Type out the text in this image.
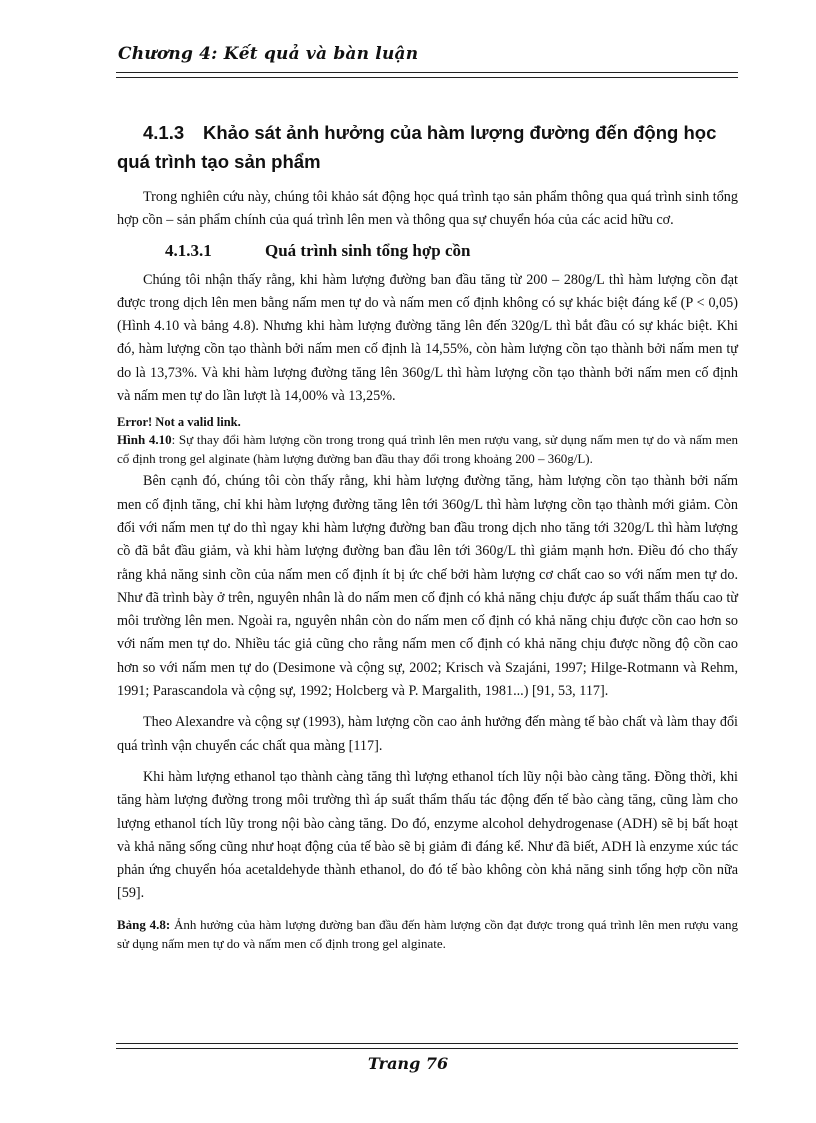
Chương 4: Kết quả và bàn luận
4.1.3 Khảo sát ảnh hưởng của hàm lượng đường đến động học quá trình tạo sản phẩm

Trong nghiên cứu này, chúng tôi khảo sát động học quá trình tạo sản phẩm thông qua quá trình sinh tổng hợp cồn – sản phẩm chính của quá trình lên men và thông qua sự chuyển hóa của các acid hữu cơ.

4.1.3.1	Quá trình sinh tổng hợp cồn

Chúng tôi nhận thấy rằng, khi hàm lượng đường ban đầu tăng từ 200 – 280g/L thì hàm lượng cồn đạt được trong dịch lên men bằng nấm men tự do và nấm men cố định không có sự khác biệt đáng kể (P < 0,05) (Hình 4.10 và bảng 4.8). Nhưng khi hàm lượng đường tăng lên đến 320g/L thì bắt đầu có sự khác biệt. Khi đó, hàm lượng cồn tạo thành bởi nấm men cố định là 14,55%, còn hàm lượng cồn tạo thành bởi nấm men tự do là 13,73%. Và khi hàm lượng đường tăng lên 360g/L thì hàm lượng cồn tạo thành bởi nấm men cố định và nấm men tự do lần lượt là 14,00% và 13,25%.

Error! Not a valid link.

Hình 4.10: Sự thay đổi hàm lượng cồn trong trong quá trình lên men rượu vang, sử dụng nấm men tự do và nấm men cố định trong gel alginate (hàm lượng đường ban đầu thay đổi trong khoảng 200 – 360g/L).

Bên cạnh đó, chúng tôi còn thấy rằng, khi hàm lượng đường tăng, hàm lượng cồn tạo thành bởi nấm men cố định tăng, chỉ khi hàm lượng đường tăng lên tới 360g/L thì hàm lượng cồn tạo thành mới giảm. Còn đối với nấm men tự do thì ngay khi hàm lượng đường ban đầu trong dịch nho tăng tới 320g/L thì hàm lượng cồ đã bắt đầu giảm, và khi hàm lượng đường ban đầu lên tới 360g/L thì giảm mạnh hơn. Điều đó cho thấy rằng khả năng sinh cồn của nấm men cố định ít bị ức chế bởi hàm lượng cơ chất cao so với nấm men tự do. Như đã trình bày ở trên, nguyên nhân là do nấm men cố định có khả năng chịu được áp suất thẩm thấu cao từ môi trường lên men. Ngoài ra, nguyên nhân còn do nấm men cố định có khả năng chịu được cồn cao hơn so với nấm men tự do. Nhiều tác giả cũng cho rằng nấm men cố định có khả năng chịu được nồng độ cồn cao hơn so với nấm men tự do (Desimone và cộng sự, 2002; Krisch và Szajáni, 1997; Hilge-Rotmann và Rehm, 1991; Parascandola và cộng sự, 1992; Holcberg và P. Margalith, 1981...) [91, 53, 117].

Theo Alexandre và cộng sự (1993), hàm lượng cồn cao ảnh hưởng đến màng tế bào chất và làm thay đổi quá trình vận chuyển các chất qua màng [117].

Khi hàm lượng ethanol tạo thành càng tăng thì lượng ethanol tích lũy nội bào càng tăng. Đồng thời, khi tăng hàm lượng đường trong môi trường thì áp suất thẩm thấu tác động đến tế bào càng tăng, cũng làm cho lượng ethanol tích lũy trong nội bào càng tăng. Do đó, enzyme alcohol dehydrogenase (ADH) sẽ bị bất hoạt và khả năng sống cũng như hoạt động của tế bào sẽ bị giảm đi đáng kể. Như đã biết, ADH là enzyme xúc tác phản ứng chuyển hóa acetaldehyde thành ethanol, do đó tế bào không còn khả năng sinh tổng hợp cồn nữa [59].

Bảng 4.8: Ảnh hưởng của hàm lượng đường ban đầu đến hàm lượng cồn đạt được trong quá trình lên men rượu vang sử dụng nấm men tự do và nấm men cố định trong gel alginate.

Trang 76
